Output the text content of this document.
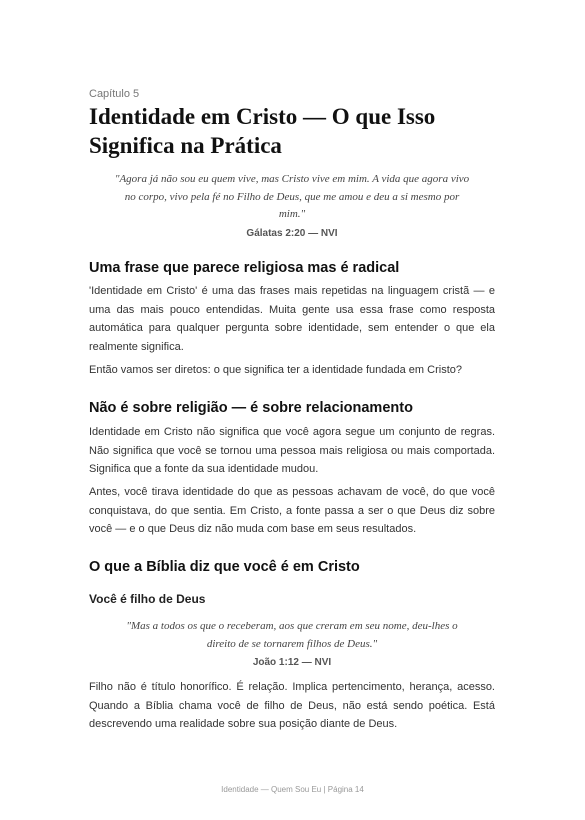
Capítulo 5
Identidade em Cristo — O que Isso Significa na Prática

"Agora já não sou eu quem vive, mas Cristo vive em mim. A vida que agora vivo no corpo, vivo pela fé no Filho de Deus, que me amou e deu a si mesmo por mim."

Gálatas 2:20 — NVI
Uma frase que parece religiosa mas é radical

'Identidade em Cristo' é uma das frases mais repetidas na linguagem cristã — e uma das mais pouco entendidas. Muita gente usa essa frase como resposta automática para qualquer pergunta sobre identidade, sem entender o que ela realmente significa.

Então vamos ser diretos: o que significa ter a identidade fundada em Cristo?

Não é sobre religião — é sobre relacionamento

Identidade em Cristo não significa que você agora segue um conjunto de regras. Não significa que você se tornou uma pessoa mais religiosa ou mais comportada. Significa que a fonte da sua identidade mudou.

Antes, você tirava identidade do que as pessoas achavam de você, do que você conquistava, do que sentia. Em Cristo, a fonte passa a ser o que Deus diz sobre você — e o que Deus diz não muda com base em seus resultados.

O que a Bíblia diz que você é em Cristo
Você é filho de Deus

"Mas a todos os que o receberam, aos que creram em seu nome, deu-lhes o direito de se tornarem filhos de Deus."

João 1:12 — NVI

Filho não é título honorífico. É relação. Implica pertencimento, herança, acesso. Quando a Bíblia chama você de filho de Deus, não está sendo poética. Está descrevendo uma realidade sobre sua posição diante de Deus.

Identidade — Quem Sou Eu | Página 14
